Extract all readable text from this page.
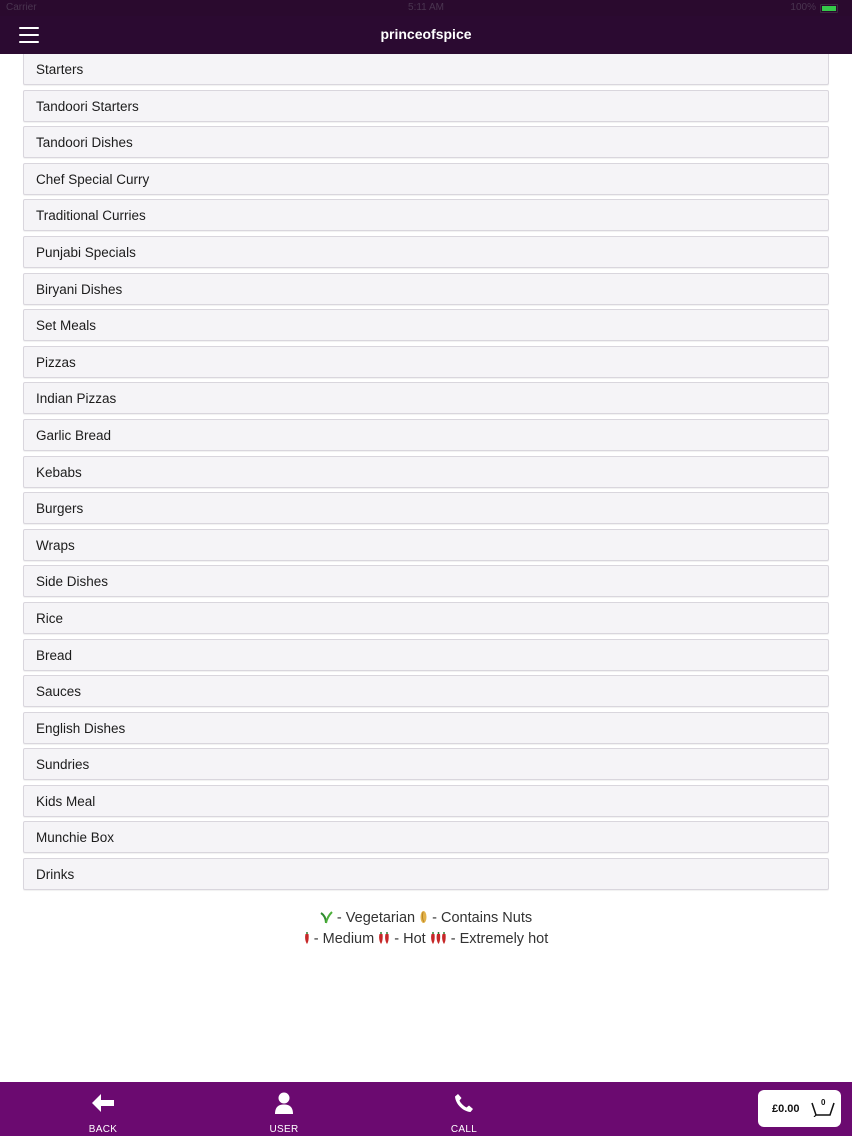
Carrier	5:11 AM	100%
princeofspice
Starters
Tandoori Starters
Tandoori Dishes
Chef Special Curry
Traditional Curries
Punjabi Specials
Biryani Dishes
Set Meals
Pizzas
Indian Pizzas
Garlic Bread
Kebabs
Burgers
Wraps
Side Dishes
Rice
Bread
Sauces
English Dishes
Sundries
Kids Meal
Munchie Box
Drinks
- Vegetarian  - Contains Nuts
- Medium  - Hot  - Extremely hot
BACK	USER	CALL
£0.00
0
